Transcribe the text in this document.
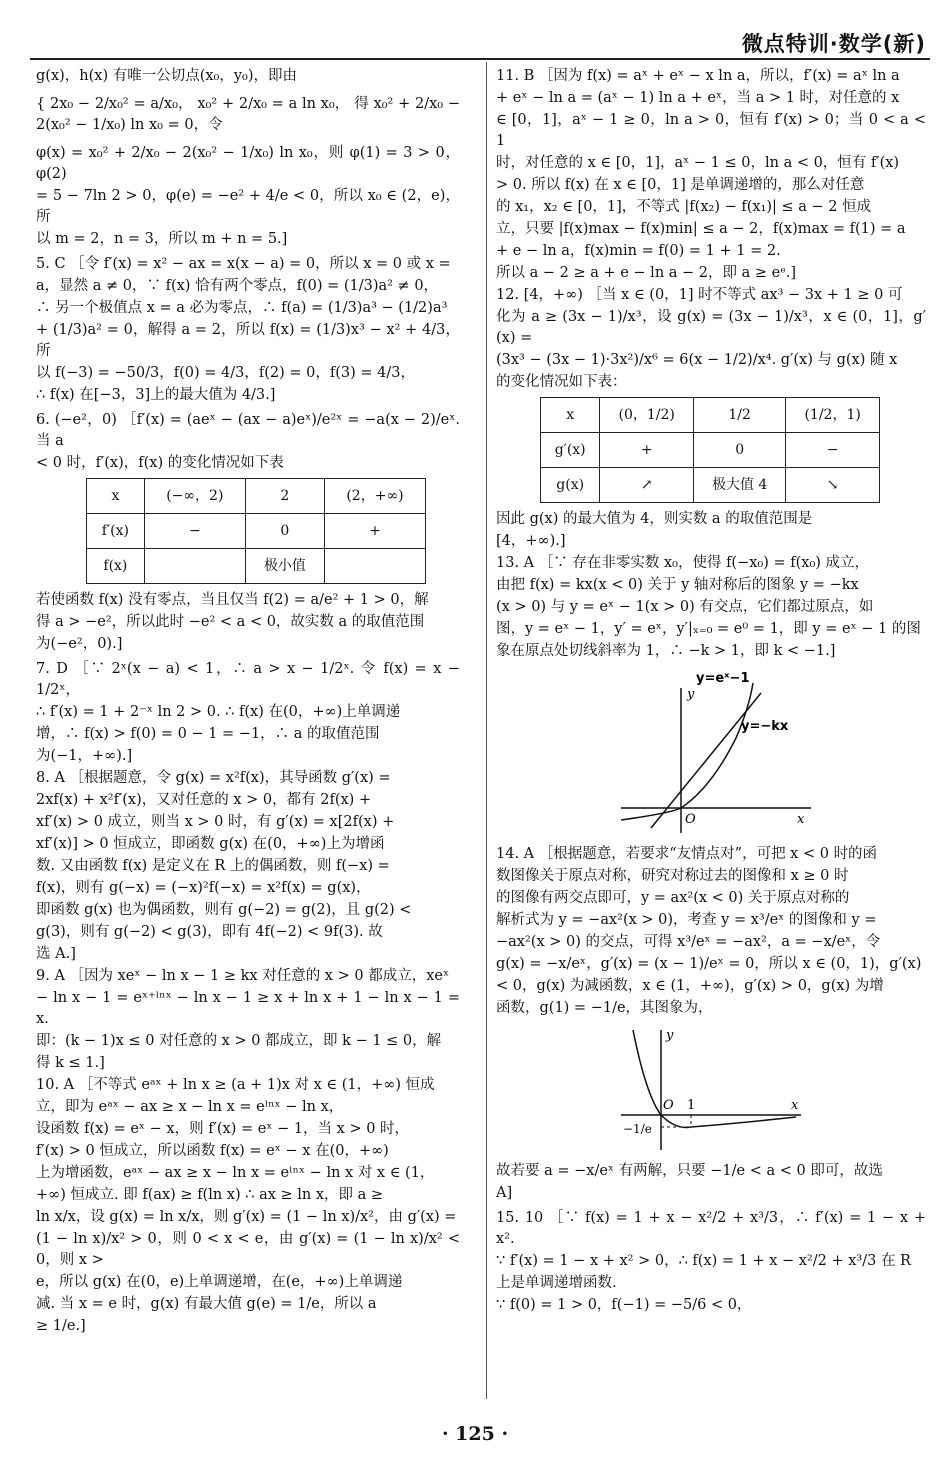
微点特训·数学(新)

g(x)，h(x) 有唯一公切点(x₀，y₀)，即由

{ 2x₀ − 2/x₀² = a/x₀， x₀² + 2/x₀ = a ln x₀， 得 x₀² + 2/x₀ − 2(x₀² − 1/x₀) ln x₀ = 0，令

φ(x) = x₀² + 2/x₀ − 2(x₀² − 1/x₀) ln x₀，则 φ(1) = 3 > 0，φ(2)

= 5 − 7ln 2 > 0，φ(e) = −e² + 4/e < 0，所以 x₀ ∈ (2，e)，所

以 m = 2，n = 3，所以 m + n = 5.]

5. C ［令 f′(x) = x² − ax = x(x − a) = 0，所以 x = 0 或 x =

a，显然 a ≠ 0，∵ f(x) 恰有两个零点，f(0) = (1/3)a² ≠ 0，

∴ 另一个极值点 x = a 必为零点，∴ f(a) = (1/3)a³ − (1/2)a³

+ (1/3)a² = 0，解得 a = 2，所以 f(x) = (1/3)x³ − x² + 4/3，所

以 f(−3) = −50/3，f(0) = 4/3，f(2) = 0，f(3) = 4/3，

∴ f(x) 在[−3，3]上的最大值为 4/3.]

6. (−e²，0) ［f′(x) = (aeˣ − (ax − a)eˣ)/e²ˣ = −a(x − 2)/eˣ. 当 a

< 0 时，f′(x)，f(x) 的变化情况如下表

x	(−∞，2)	2	(2，+∞)
f′(x)	−	0	+
f(x)		极小值	

若使函数 f(x) 没有零点，当且仅当 f(2) = a/e² + 1 > 0，解

得 a > −e²，所以此时 −e² < a < 0，故实数 a 的取值范围

为(−e²，0).]

7. D ［∵ 2ˣ(x − a) < 1，∴ a > x − 1/2ˣ. 令 f(x) = x − 1/2ˣ，

∴ f′(x) = 1 + 2⁻ˣ ln 2 > 0. ∴ f(x) 在(0，+∞)上单调递

增，∴ f(x) > f(0) = 0 − 1 = −1，∴ a 的取值范围

为(−1，+∞).]

8. A ［根据题意，令 g(x) = x²f(x)，其导函数 g′(x) =

2xf(x) + x²f′(x)，又对任意的 x > 0，都有 2f(x) +

xf′(x) > 0 成立，则当 x > 0 时，有 g′(x) = x[2f(x) +

xf′(x)] > 0 恒成立，即函数 g(x) 在(0，+∞)上为增函

数. 又由函数 f(x) 是定义在 R 上的偶函数，则 f(−x) =

f(x)，则有 g(−x) = (−x)²f(−x) = x²f(x) = g(x)，

即函数 g(x) 也为偶函数，则有 g(−2) = g(2)，且 g(2) <

g(3)，则有 g(−2) < g(3)，即有 4f(−2) < 9f(3). 故

选 A.]

9. A ［因为 xeˣ − ln x − 1 ≥ kx 对任意的 x > 0 都成立，xeˣ

− ln x − 1 = eˣ⁺ˡⁿˣ − ln x − 1 ≥ x + ln x + 1 − ln x − 1 = x.

即：(k − 1)x ≤ 0 对任意的 x > 0 都成立，即 k − 1 ≤ 0，解

得 k ≤ 1.]

10. A ［不等式 eᵃˣ + ln x ≥ (a + 1)x 对 x ∈ (1，+∞) 恒成

立，即为 eᵃˣ − ax ≥ x − ln x = eˡⁿˣ − ln x，

设函数 f(x) = eˣ − x，则 f′(x) = eˣ − 1，当 x > 0 时，

f′(x) > 0 恒成立，所以函数 f(x) = eˣ − x 在(0，+∞)

上为增函数，eᵃˣ − ax ≥ x − ln x = eˡⁿˣ − ln x 对 x ∈ (1，

+∞) 恒成立. 即 f(ax) ≥ f(ln x) ∴ ax ≥ ln x，即 a ≥

ln x/x，设 g(x) = ln x/x，则 g′(x) = (1 − ln x)/x²，由 g′(x) =

(1 − ln x)/x² > 0，则 0 < x < e，由 g′(x) = (1 − ln x)/x² < 0，则 x >

e，所以 g(x) 在(0，e)上单调递增，在(e，+∞)上单调递

减. 当 x = e 时，g(x) 有最大值 g(e) = 1/e，所以 a

≥ 1/e.]

11. B ［因为 f(x) = aˣ + eˣ − x ln a，所以，f′(x) = aˣ ln a

+ eˣ − ln a = (aˣ − 1) ln a + eˣ，当 a > 1 时，对任意的 x

∈ [0，1]，aˣ − 1 ≥ 0，ln a > 0，恒有 f′(x) > 0；当 0 < a < 1

时，对任意的 x ∈ [0，1]，aˣ − 1 ≤ 0，ln a < 0，恒有 f′(x)

> 0. 所以 f(x) 在 x ∈ [0，1] 是单调递增的，那么对任意

的 x₁，x₂ ∈ [0，1]，不等式 |f(x₂) − f(x₁)| ≤ a − 2 恒成

立，只要 |f(x)max − f(x)min| ≤ a − 2，f(x)max = f(1) = a

+ e − ln a，f(x)min = f(0) = 1 + 1 = 2.

所以 a − 2 ≥ a + e − ln a − 2，即 a ≥ eᵉ.]

12. [4，+∞) ［当 x ∈ (0，1] 时不等式 ax³ − 3x + 1 ≥ 0 可

化为 a ≥ (3x − 1)/x³，设 g(x) = (3x − 1)/x³，x ∈ (0，1]，g′(x) =

(3x³ − (3x − 1)·3x²)/x⁶ = 6(x − 1/2)/x⁴. g′(x) 与 g(x) 随 x

的变化情况如下表：

x	(0，1/2)	1/2	(1/2，1)
g′(x)	+	0	−
g(x)	↗	极大值 4	↘

因此 g(x) 的最大值为 4，则实数 a 的取值范围是

[4，+∞).]

13. A ［∵ 存在非零实数 x₀，使得 f(−x₀) = f(x₀) 成立，

由把 f(x) = kx(x < 0) 关于 y 轴对称后的图象 y = −kx

(x > 0) 与 y = eˣ − 1(x > 0) 有交点，它们都过原点，如

图，y = eˣ − 1，y′ = eˣ，y′|ₓ₌₀ = e⁰ = 1，即 y = eˣ − 1 的图

象在原点处切线斜率为 1，∴ −k > 1，即 k < −1.]

y=eˣ−1
y=−kx
y
x
O

14. A ［根据题意，若要求“友情点对”，可把 x < 0 时的函

数图像关于原点对称，研究对称过去的图像和 x ≥ 0 时

的图像有两交点即可，y = ax²(x < 0) 关于原点对称的

解析式为 y = −ax²(x > 0)，考查 y = x³/eˣ 的图像和 y =

−ax²(x > 0) 的交点，可得 x³/eˣ = −ax²，a = −x/eˣ，令

g(x) = −x/eˣ，g′(x) = (x − 1)/eˣ = 0，所以 x ∈ (0，1)，g′(x)

< 0，g(x) 为减函数，x ∈ (1，+∞)，g′(x) > 0，g(x) 为增

函数，g(1) = −1/e，其图象为，

y
x
O 1
−1/e

故若要 a = −x/eˣ 有两解，只要 −1/e < a < 0 即可，故选

A]

15. 10 ［∵ f(x) = 1 + x − x²/2 + x³/3，∴ f′(x) = 1 − x + x².

∵ f′(x) = 1 − x + x² > 0，∴ f(x) = 1 + x − x²/2 + x³/3 在 R

上是单调递增函数.

∵ f(0) = 1 > 0，f(−1) = −5/6 < 0，

· 125 ·
